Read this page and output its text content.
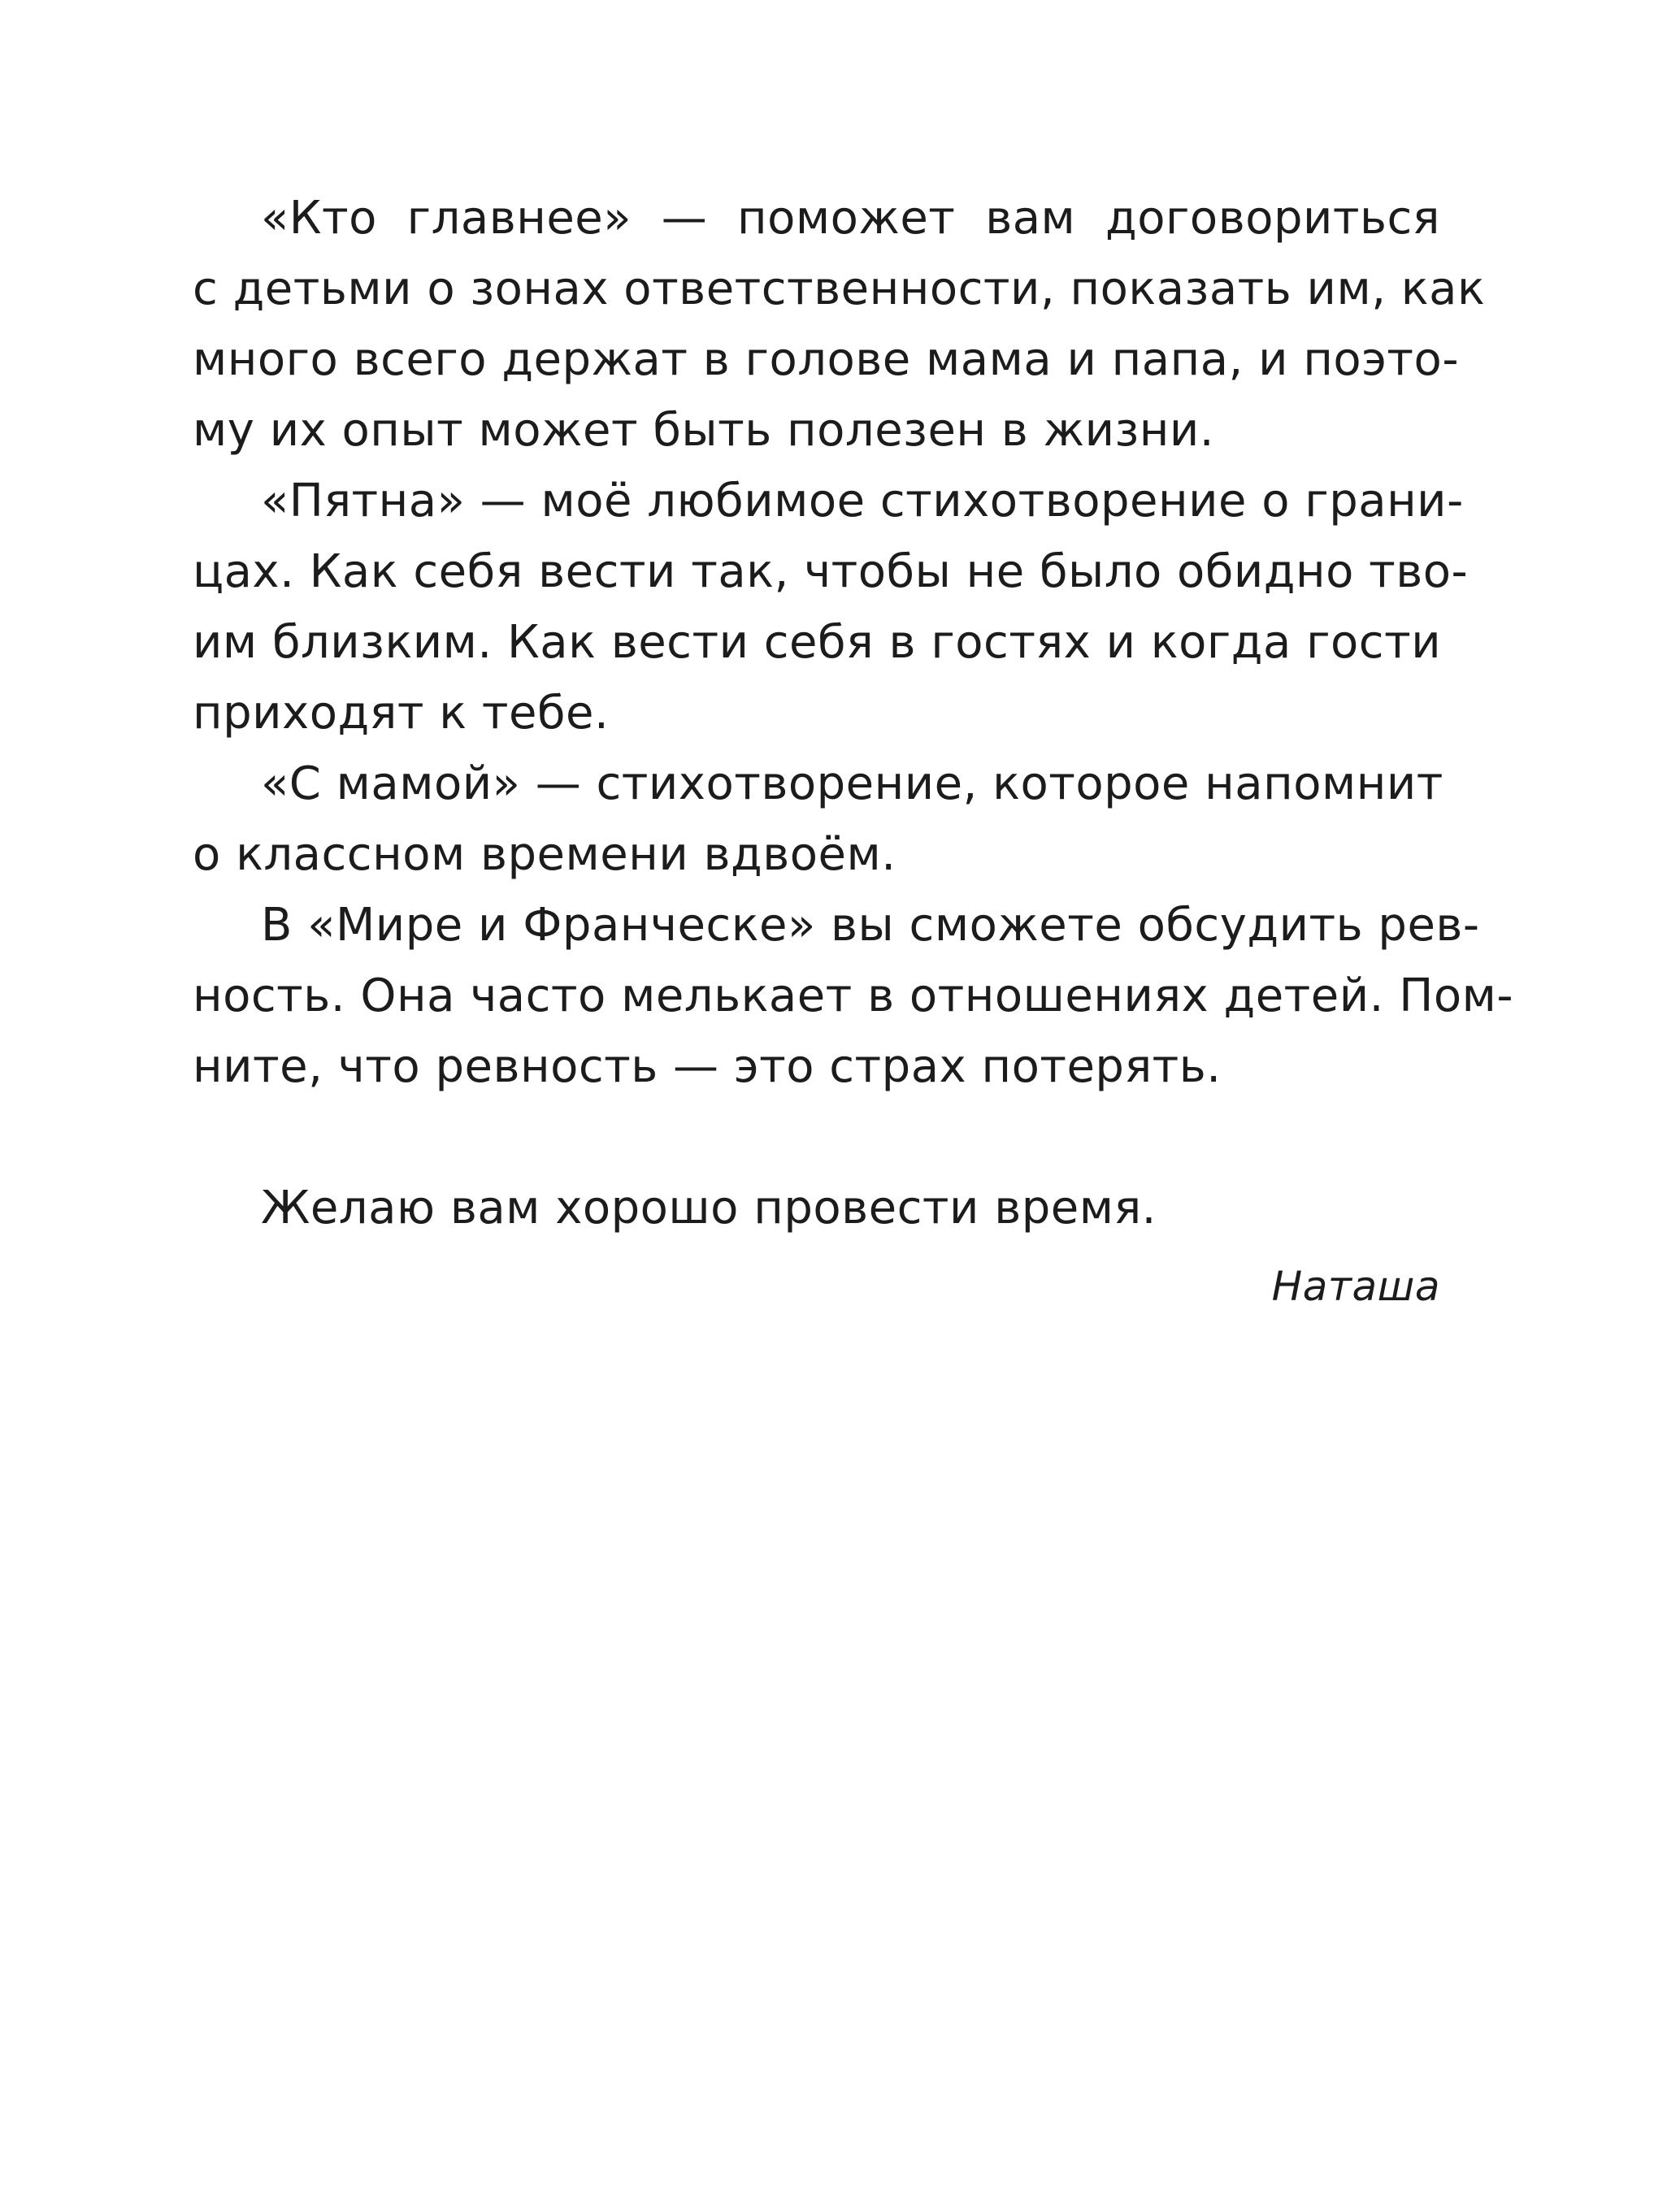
«Кто главнее» — поможет вам договориться
с детьми о зонах ответственности, показать им, как
много всего держат в голове мама и папа, и поэто-
му их опыт может быть полезен в жизни.
«Пятна» — моё любимое стихотворение о грани-
цах. Как себя вести так, чтобы не было обидно тво-
им близким. Как вести себя в гостях и когда гости
приходят к тебе.
«С мамой» — стихотворение, которое напомнит
о классном времени вдвоём.
В «Мире и Франческе» вы сможете обсудить рев-
ность. Она часто мелькает в отношениях детей. Пом-
ните, что ревность — это страх потерять.
Желаю вам хорошо провести время.
Наташа
